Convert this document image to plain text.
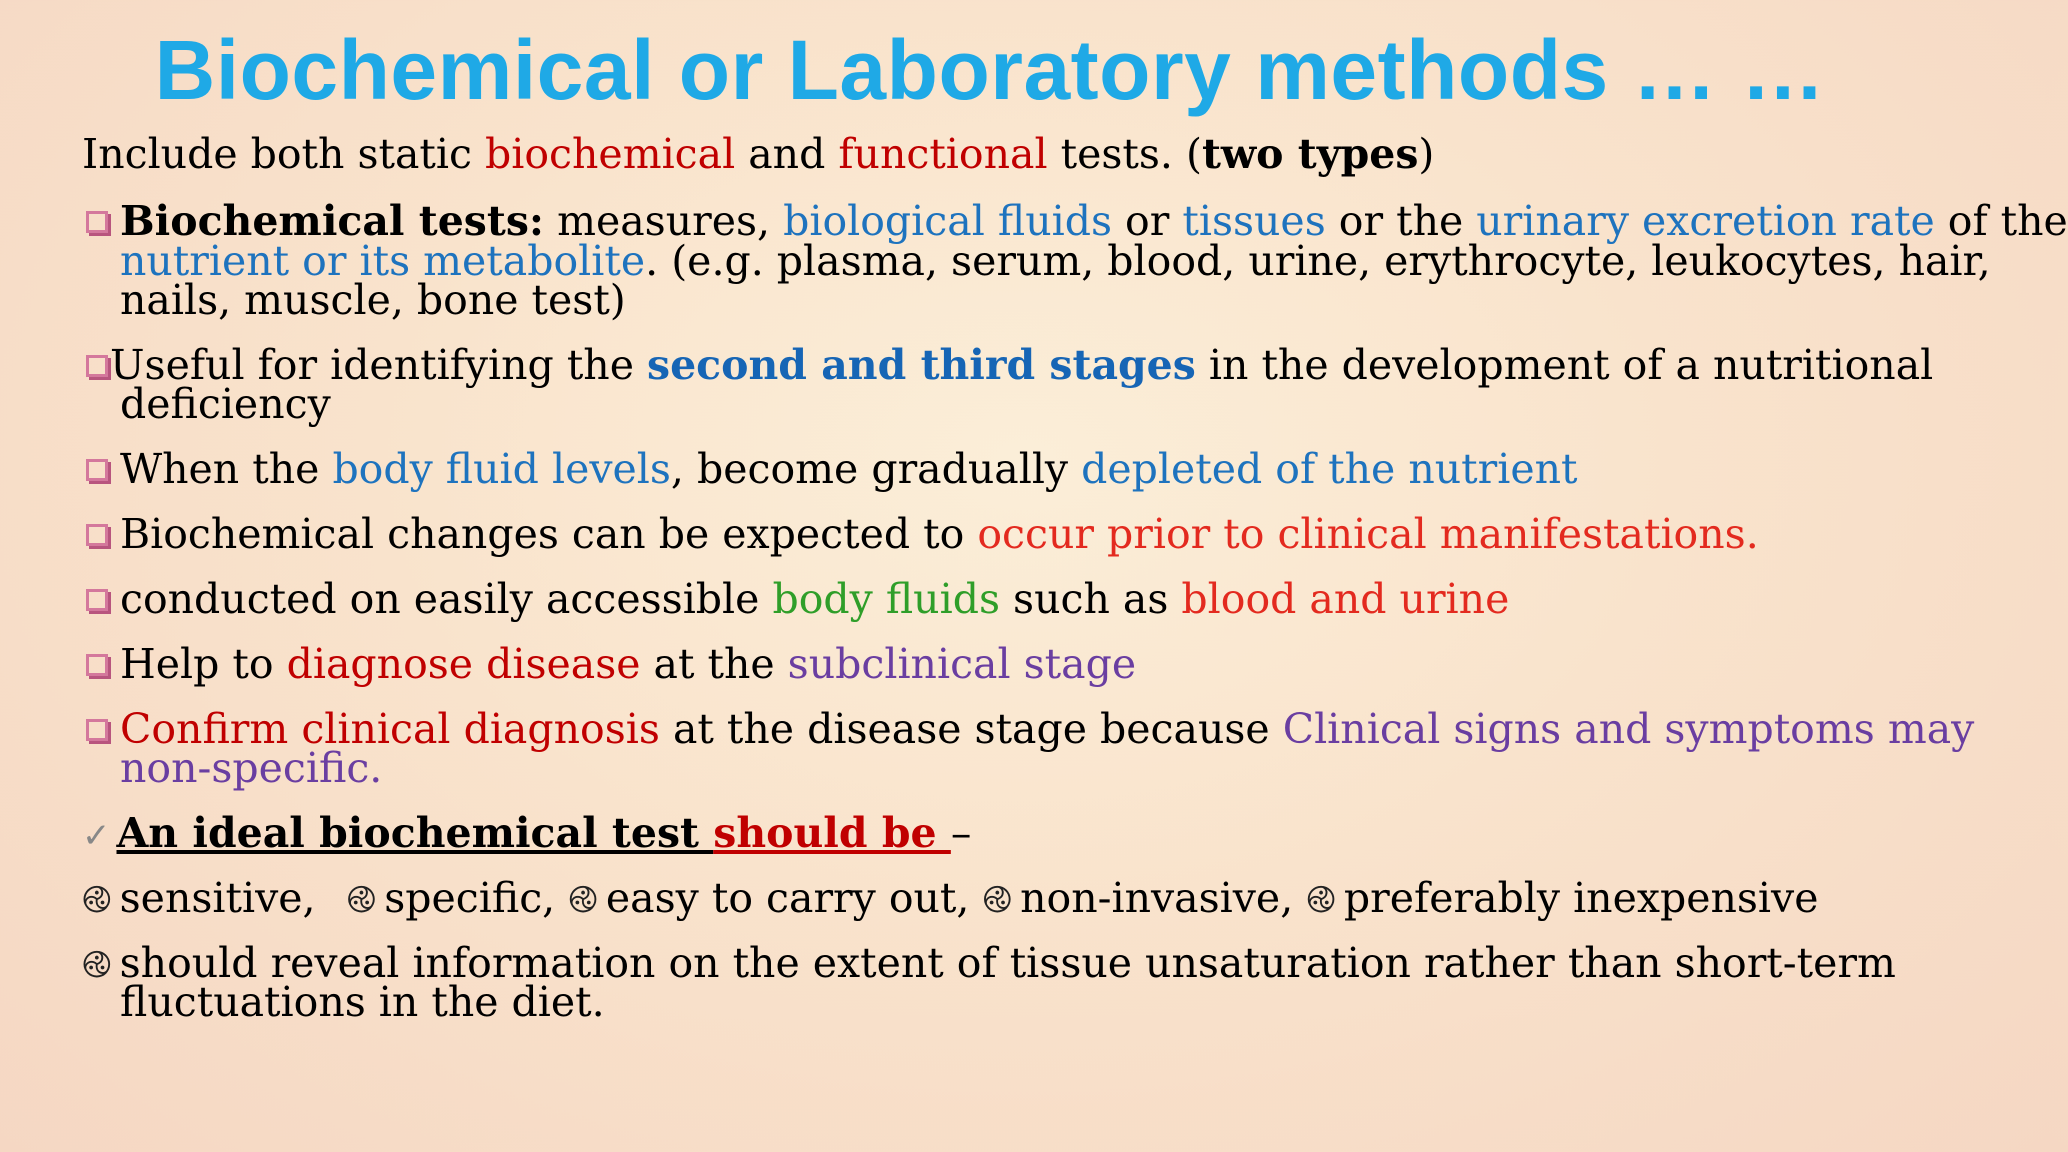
Biochemical or Laboratory methods … …
Include both static biochemical and functional tests. (two types)
Biochemical tests: measures, biological fluids or tissues or the urinary excretion rate of the
nutrient or its metabolite. (e.g. plasma, serum, blood, urine, erythrocyte, leukocytes, hair,
nails, muscle, bone test)
Useful for identifying the second and third stages in the development of a nutritional
deficiency
When the body fluid levels, become gradually depleted of the nutrient
Biochemical changes can be expected to occur prior to clinical manifestations.
conducted on easily accessible body fluids such as blood and urine
Help to diagnose disease at the subclinical stage
Confirm clinical diagnosis at the disease stage because Clinical signs and symptoms may
non-specific.
✓ An ideal biochemical test should be –
࿋ sensitive, ࿋ specific, ࿋ easy to carry out, ࿋ non-invasive, ࿋ preferably inexpensive
࿋ should reveal information on the extent of tissue unsaturation rather than short-term
fluctuations in the diet.
